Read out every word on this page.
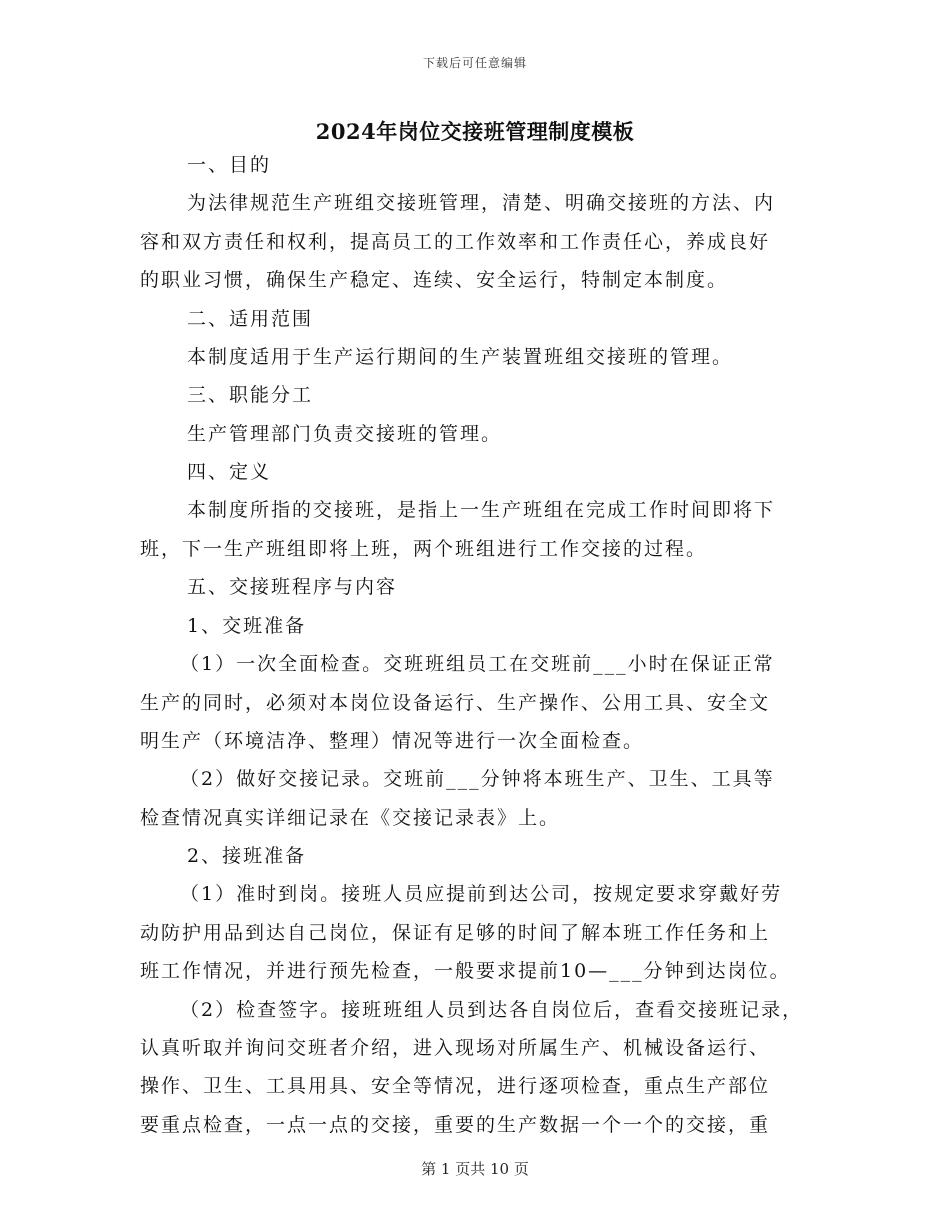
下载后可任意编辑
2024年岗位交接班管理制度模板
一、目的
为法律规范生产班组交接班管理，清楚、明确交接班的方法、内
容和双方责任和权利，提高员工的工作效率和工作责任心，养成良好
的职业习惯，确保生产稳定、连续、安全运行，特制定本制度。
二、适用范围
本制度适用于生产运行期间的生产装置班组交接班的管理。
三、职能分工
生产管理部门负责交接班的管理。
四、定义
本制度所指的交接班，是指上一生产班组在完成工作时间即将下
班，下一生产班组即将上班，两个班组进行工作交接的过程。
五、交接班程序与内容
1、交班准备
（1）一次全面检查。交班班组员工在交班前___小时在保证正常
生产的同时，必须对本岗位设备运行、生产操作、公用工具、安全文
明生产（环境洁净、整理）情况等进行一次全面检查。
（2）做好交接记录。交班前___分钟将本班生产、卫生、工具等
检查情况真实详细记录在《交接记录表》上。
2、接班准备
（1）准时到岗。接班人员应提前到达公司，按规定要求穿戴好劳
动防护用品到达自己岗位，保证有足够的时间了解本班工作任务和上
班工作情况，并进行预先检查，一般要求提前10—___分钟到达岗位。
（2）检查签字。接班班组人员到达各自岗位后，查看交接班记录，
认真听取并询问交班者介绍，进入现场对所属生产、机械设备运行、
操作、卫生、工具用具、安全等情况，进行逐项检查，重点生产部位
要重点检查，一点一点的交接，重要的生产数据一个一个的交接，重
第 1 页共 10 页
